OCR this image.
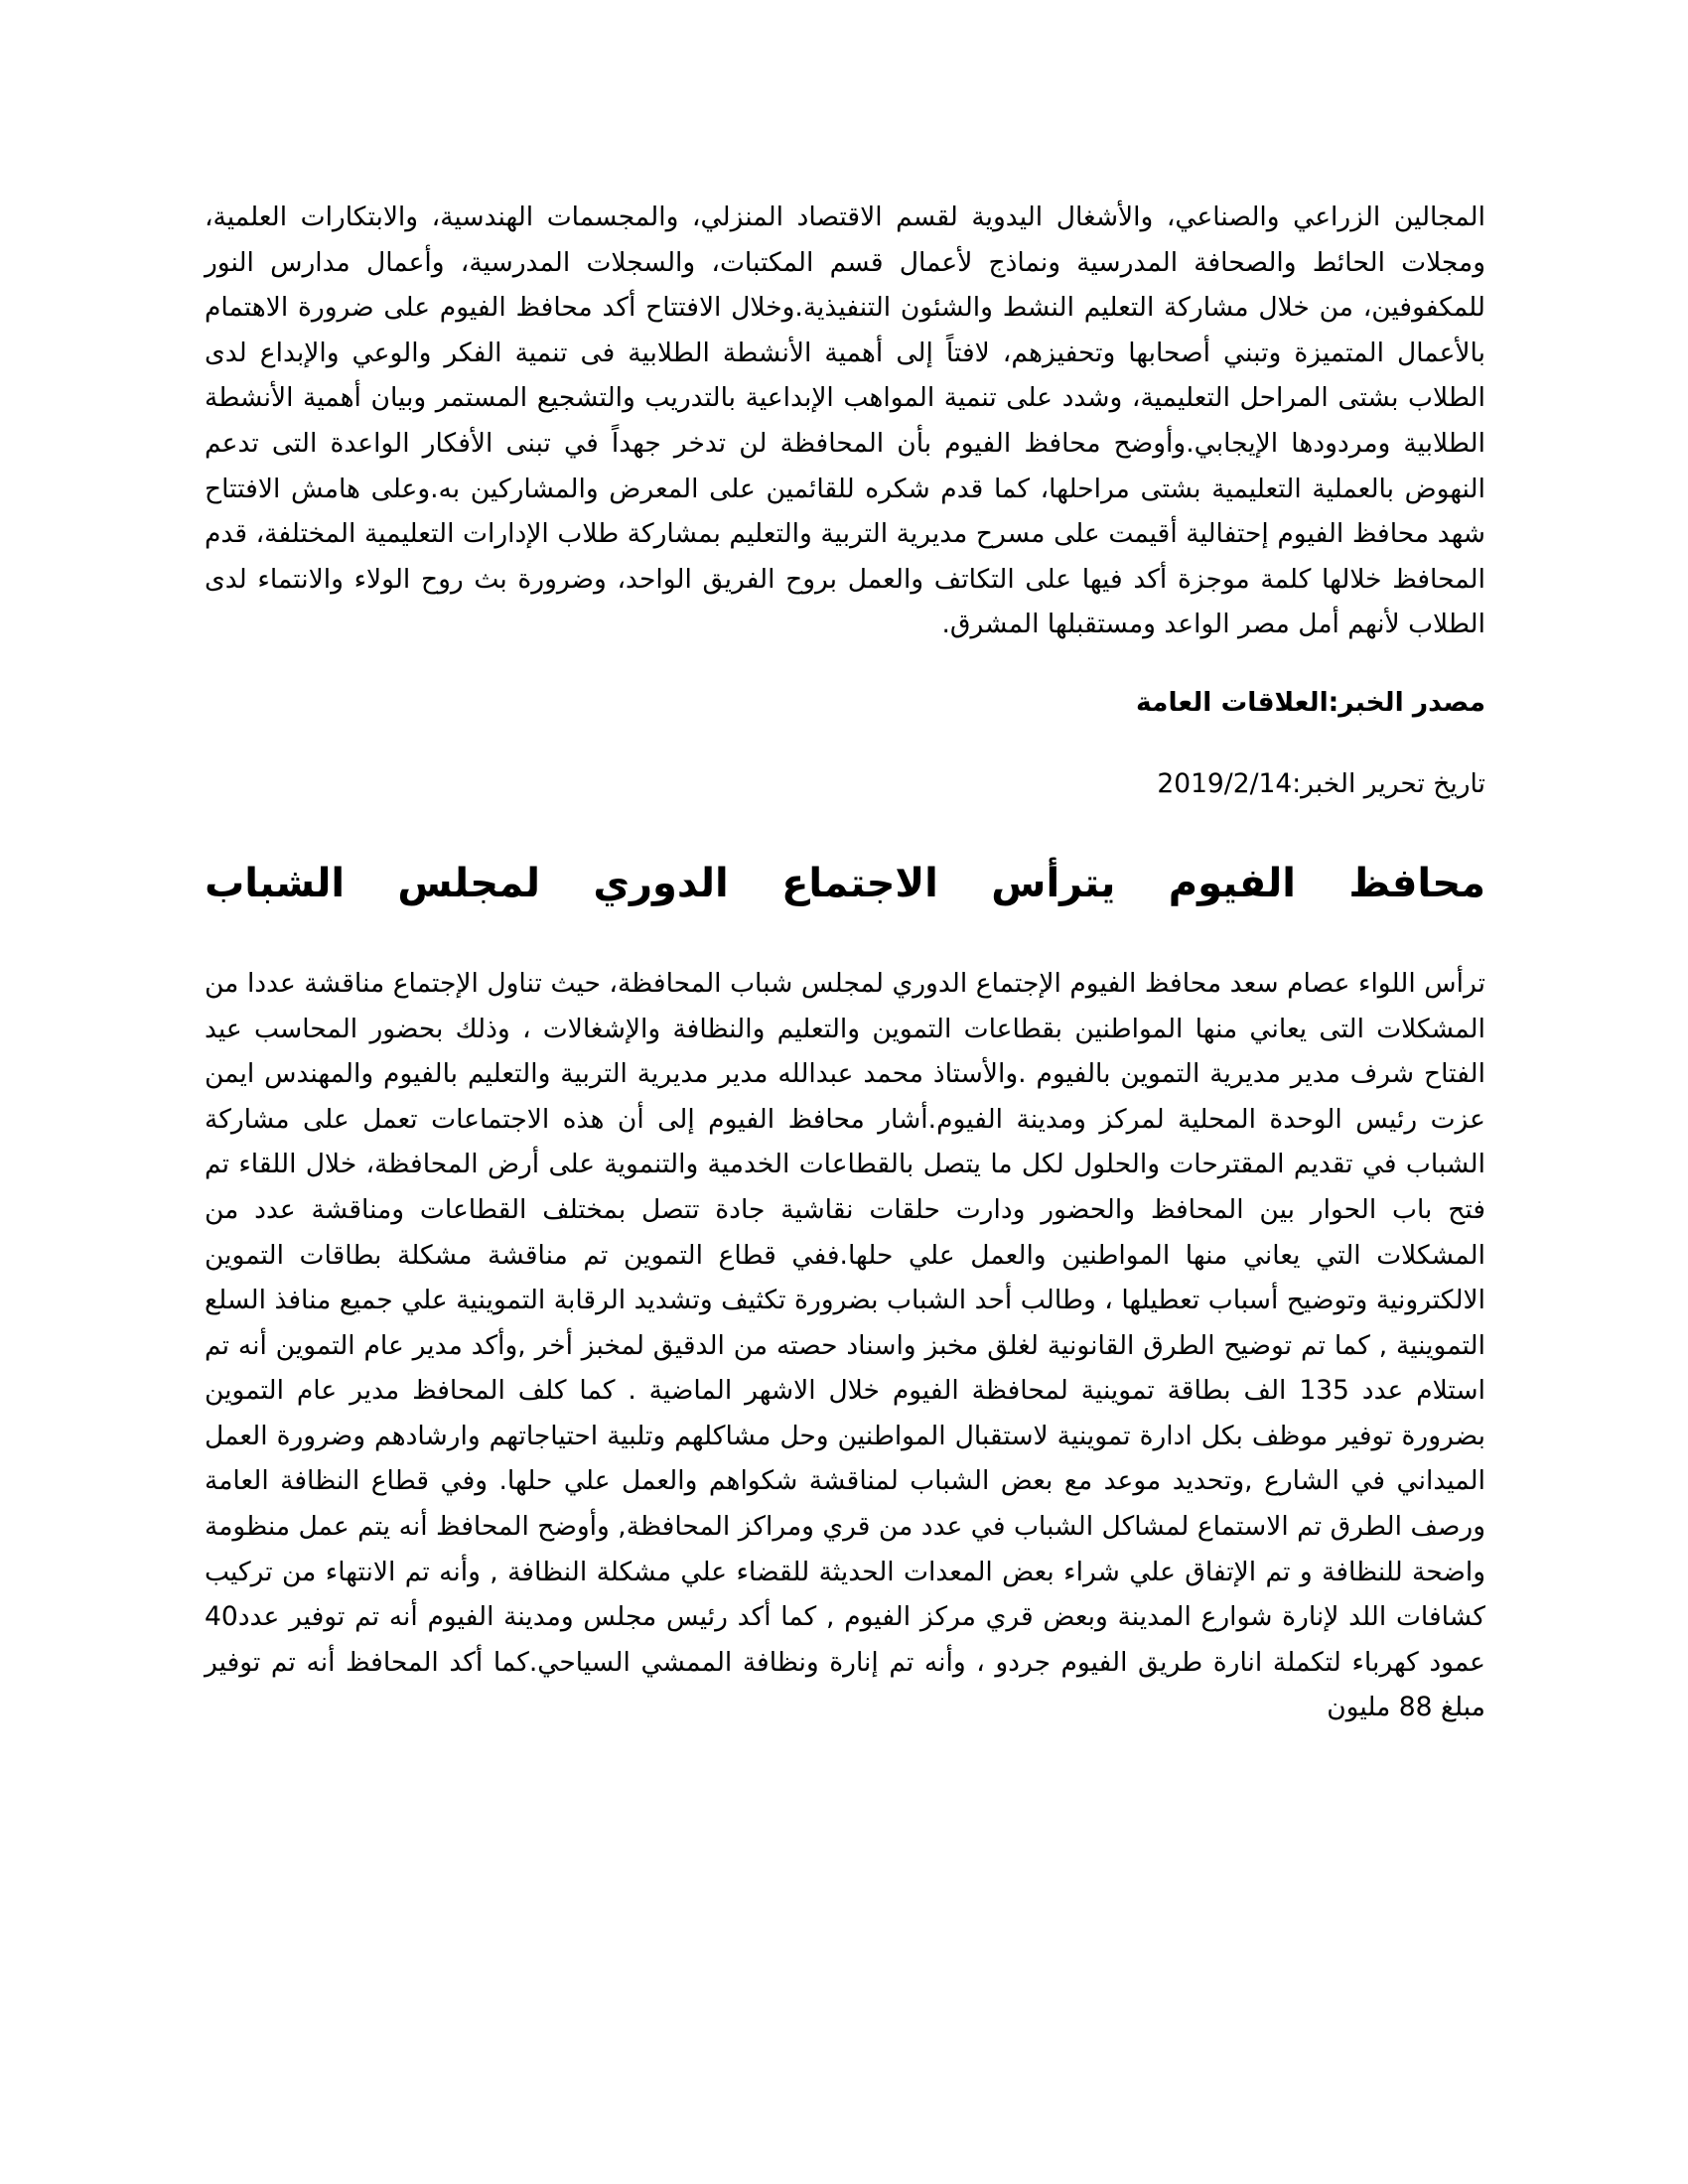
المجالين الزراعي والصناعي، والأشغال اليدوية لقسم الاقتصاد المنزلي، والمجسمات الهندسية، والابتكارات العلمية، ومجلات الحائط والصحافة المدرسية ونماذج لأعمال قسم المكتبات، والسجلات المدرسية، وأعمال مدارس النور للمكفوفين، من خلال مشاركة التعليم النشط والشئون التنفيذية.وخلال الافتتاح أكد محافظ الفيوم على ضرورة الاهتمام بالأعمال المتميزة وتبني أصحابها وتحفيزهم، لافتاً إلى أهمية الأنشطة الطلابية فى تنمية الفكر والوعي والإبداع لدى الطلاب بشتى المراحل التعليمية، وشدد على تنمية المواهب الإبداعية بالتدريب والتشجيع المستمر وبيان أهمية الأنشطة الطلابية ومردودها الإيجابي.وأوضح محافظ الفيوم بأن المحافظة لن تدخر جهداً في تبنى الأفكار الواعدة التى تدعم النهوض بالعملية التعليمية بشتى مراحلها، كما قدم شكره للقائمين على المعرض والمشاركين به.وعلى هامش الافتتاح شهد محافظ الفيوم إحتفالية أقيمت على مسرح مديرية التربية والتعليم بمشاركة طلاب الإدارات التعليمية المختلفة، قدم المحافظ خلالها كلمة موجزة أكد فيها على التكاتف والعمل بروح الفريق الواحد، وضرورة بث روح الولاء والانتماء لدى الطلاب لأنهم أمل مصر الواعد ومستقبلها المشرق.

مصدر الخبر:العلاقات العامة

تاريخ تحرير الخبر:2019/2/14

محافظ
الفيوم
يترأس
الاجتماع
الدوري
لمجلس
الشباب

ترأس اللواء عصام سعد محافظ الفيوم الإجتماع الدوري لمجلس شباب المحافظة، حيث تناول الإجتماع مناقشة عددا من المشكلات التى يعاني منها المواطنين بقطاعات التموين والتعليم والنظافة والإشغالات ، وذلك بحضور المحاسب عيد الفتاح شرف مدير مديرية التموين بالفيوم .والأستاذ محمد عبدالله مدير مديرية التربية والتعليم بالفيوم والمهندس ايمن عزت رئيس الوحدة المحلية لمركز ومدينة الفيوم.أشار محافظ الفيوم إلى أن هذه الاجتماعات تعمل على مشاركة الشباب في تقديم المقترحات والحلول لكل ما يتصل بالقطاعات الخدمية والتنموية على أرض المحافظة، خلال اللقاء تم فتح باب الحوار بين المحافظ والحضور ودارت حلقات نقاشية جادة تتصل بمختلف القطاعات ومناقشة عدد من المشكلات التي يعاني منها المواطنين والعمل علي حلها.ففي قطاع التموين تم مناقشة مشكلة بطاقات التموين الالكترونية وتوضيح أسباب تعطيلها ، وطالب أحد الشباب بضرورة تكثيف وتشديد الرقابة التموينية علي جميع منافذ السلع التموينية , كما تم توضيح الطرق القانونية لغلق مخبز واسناد حصته من الدقيق لمخبز أخر ,وأكد مدير عام التموين أنه تم استلام عدد 135 الف بطاقة تموينية لمحافظة الفيوم خلال الاشهر الماضية . كما كلف المحافظ مدير عام التموين بضرورة توفير موظف بكل ادارة تموينية لاستقبال المواطنين وحل مشاكلهم وتلبية احتياجاتهم وارشادهم وضرورة العمل الميداني في الشارع ,وتحديد موعد مع بعض الشباب لمناقشة شكواهم والعمل علي حلها. وفي قطاع النظافة العامة ورصف الطرق تم الاستماع لمشاكل الشباب في عدد من قري ومراكز المحافظة, وأوضح المحافظ أنه يتم عمل منظومة واضحة للنظافة و تم الإتفاق علي شراء بعض المعدات الحديثة للقضاء علي مشكلة النظافة , وأنه تم الانتهاء من تركيب كشافات اللد لإنارة شوارع المدينة وبعض قري مركز الفيوم , كما أكد رئيس مجلس ومدينة الفيوم أنه تم توفير عدد40 عمود كهرباء لتكملة انارة طريق الفيوم جردو ، وأنه تم إنارة ونظافة الممشي السياحي.كما أكد المحافظ أنه تم توفير مبلغ 88 مليون
